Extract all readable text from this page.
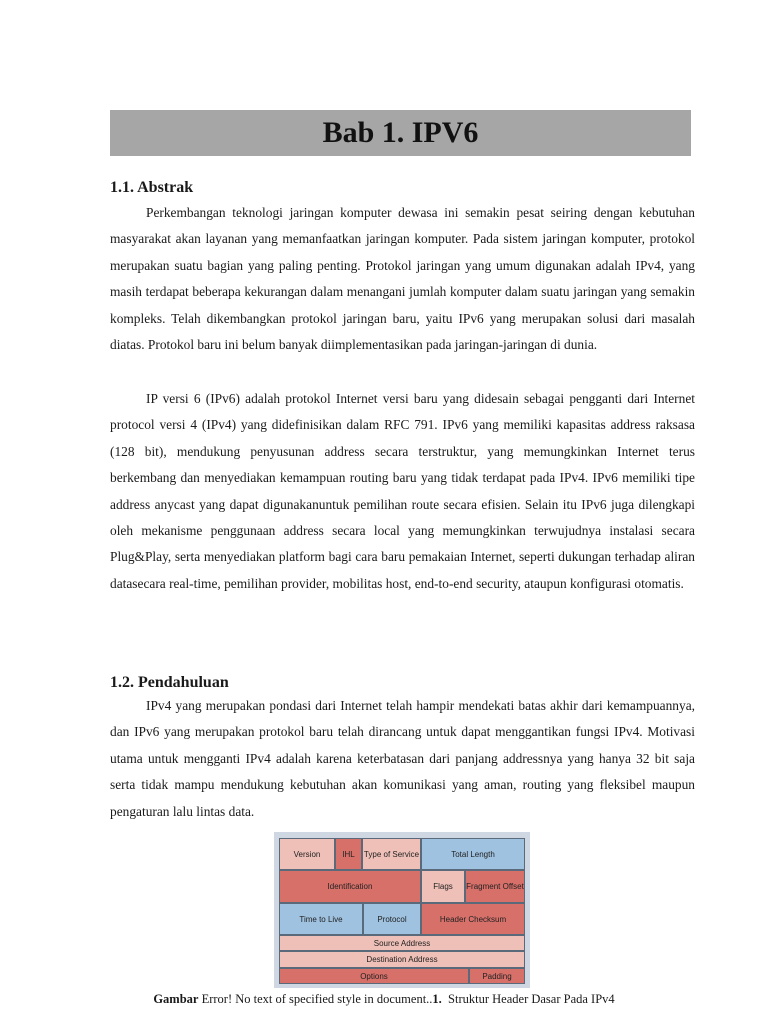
Bab 1. IPV6
1.1. Abstrak

Perkembangan teknologi jaringan komputer dewasa ini semakin pesat seiring dengan kebutuhan masyarakat akan layanan yang memanfaatkan jaringan komputer. Pada sistem jaringan komputer, protokol merupakan suatu bagian yang paling penting. Protokol jaringan yang umum digunakan adalah IPv4, yang masih terdapat beberapa kekurangan dalam menangani jumlah komputer dalam suatu jaringan yang semakin kompleks. Telah dikembangkan protokol jaringan baru, yaitu IPv6 yang merupakan solusi dari masalah diatas. Protokol baru ini belum banyak diimplementasikan pada jaringan-jaringan di dunia.

IP versi 6 (IPv6) adalah protokol Internet versi baru yang didesain sebagai pengganti dari Internet protocol versi 4 (IPv4) yang didefinisikan dalam RFC 791. IPv6 yang memiliki kapasitas address raksasa (128 bit), mendukung penyusunan address secara terstruktur, yang memungkinkan Internet terus berkembang dan menyediakan kemampuan routing baru yang tidak terdapat pada IPv4. IPv6 memiliki tipe address anycast yang dapat digunakanuntuk pemilihan route secara efisien. Selain itu IPv6 juga dilengkapi oleh mekanisme penggunaan address secara local yang memungkinkan terwujudnya instalasi secara Plug&Play, serta menyediakan platform bagi cara baru pemakaian Internet, seperti dukungan terhadap aliran datasecara real-time, pemilihan provider, mobilitas host, end-to-end security, ataupun konfigurasi otomatis.

1.2. Pendahuluan

IPv4 yang merupakan pondasi dari Internet telah hampir mendekati batas akhir dari kemampuannya, dan IPv6 yang merupakan protokol baru telah dirancang untuk dapat menggantikan fungsi IPv4. Motivasi utama untuk mengganti IPv4 adalah karena keterbatasan dari panjang addressnya yang hanya 32 bit saja serta tidak mampu mendukung kebutuhan akan komunikasi yang aman, routing yang fleksibel maupun pengaturan lalu lintas data.

Version	IHL	Type of Service	Total Length
Identification	Flags	Fragment Offset
Time to Live	Protocol	Header Checksum
Source Address
Destination Address
Options	Padding

Gambar Error! No text of specified style in document..1.  Struktur Header Dasar Pada IPv4
